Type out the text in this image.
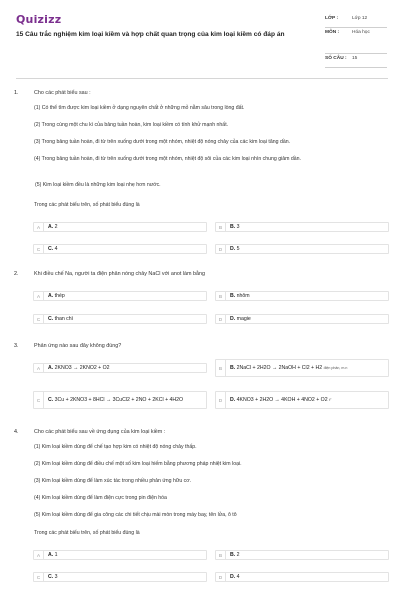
Quizizz
15 Câu trắc nghiệm kim loại kiềm và hợp chất quan trọng của kim loại kiềm có đáp án
LỚP :	Lớp 12
MÔN :	Hóa học
SỐ CÂU :	15
1.	Cho các phát biểu sau :
(1) Có thể tìm được kim loại kiềm ở dạng nguyên chất ở những mỏ nằm sâu trong lòng đất.
(2) Trong cùng một chu kì của bảng tuần hoàn, kim loại kiềm có tính khử mạnh nhất.
(3) Trong bảng tuần hoàn, đi từ trên xuống dưới trong một nhóm, nhiệt độ nóng chảy của các kim loại tăng dần.
(4) Trong bảng tuần hoàn, đi từ trên xuống dưới trong một nhóm, nhiệt độ sôi của các kim loại nhìn chung giảm dần.
(5) Kim loại kiềm đều là những kim loại nhẹ hơn nước.
Trong các phát biểu trên, số phát biểu đúng là
A	A. 2	B	B. 3
C	C. 4	D	D. 5
2.	Khi điều chế Na, người ta điện phân nóng chảy NaCl với anot làm bằng
A	A. thép	B	B. nhôm
C	C. than chì	D	D. magie
3.	Phản ứng nào sau đây không đúng?
A	A. 2KNO3 → 2KNO2 + O2	B	B. 2NaCl + 2H2O → 2NaOH + Cl2 + H2 điện phân, m.n
C	C. 3Cu + 2KNO3 + 8HCl → 3CuCl2 + 2NO + 2KCl + 4H2O	D	D. 4KNO3 + 2H2O → 4KOH + 4NO2 + O2 t°
4.	Cho các phát biểu sau về ứng dụng của kim loại kiềm :
(1) Kim loại kiềm dùng để chế tạo hợp kim có nhiệt độ nóng chảy thấp.
(2) Kim loại kiềm dùng để điều chế một số kim loại hiếm bằng phương pháp nhiệt kim loại.
(3) Kim loại kiềm dùng để làm xúc tác trong nhiều phản ứng hữu cơ.
(4) Kim loại kiềm dùng để làm điện cực trong pin điện hóa
(5) Kim loại kiềm dùng để gia công các chi tiết chịu mài mòn trong máy bay, tên lửa, ô tô
Trong các phát biểu trên, số phát biểu đúng là
A	A. 1	B	B. 2
C	C. 3	D	D. 4
